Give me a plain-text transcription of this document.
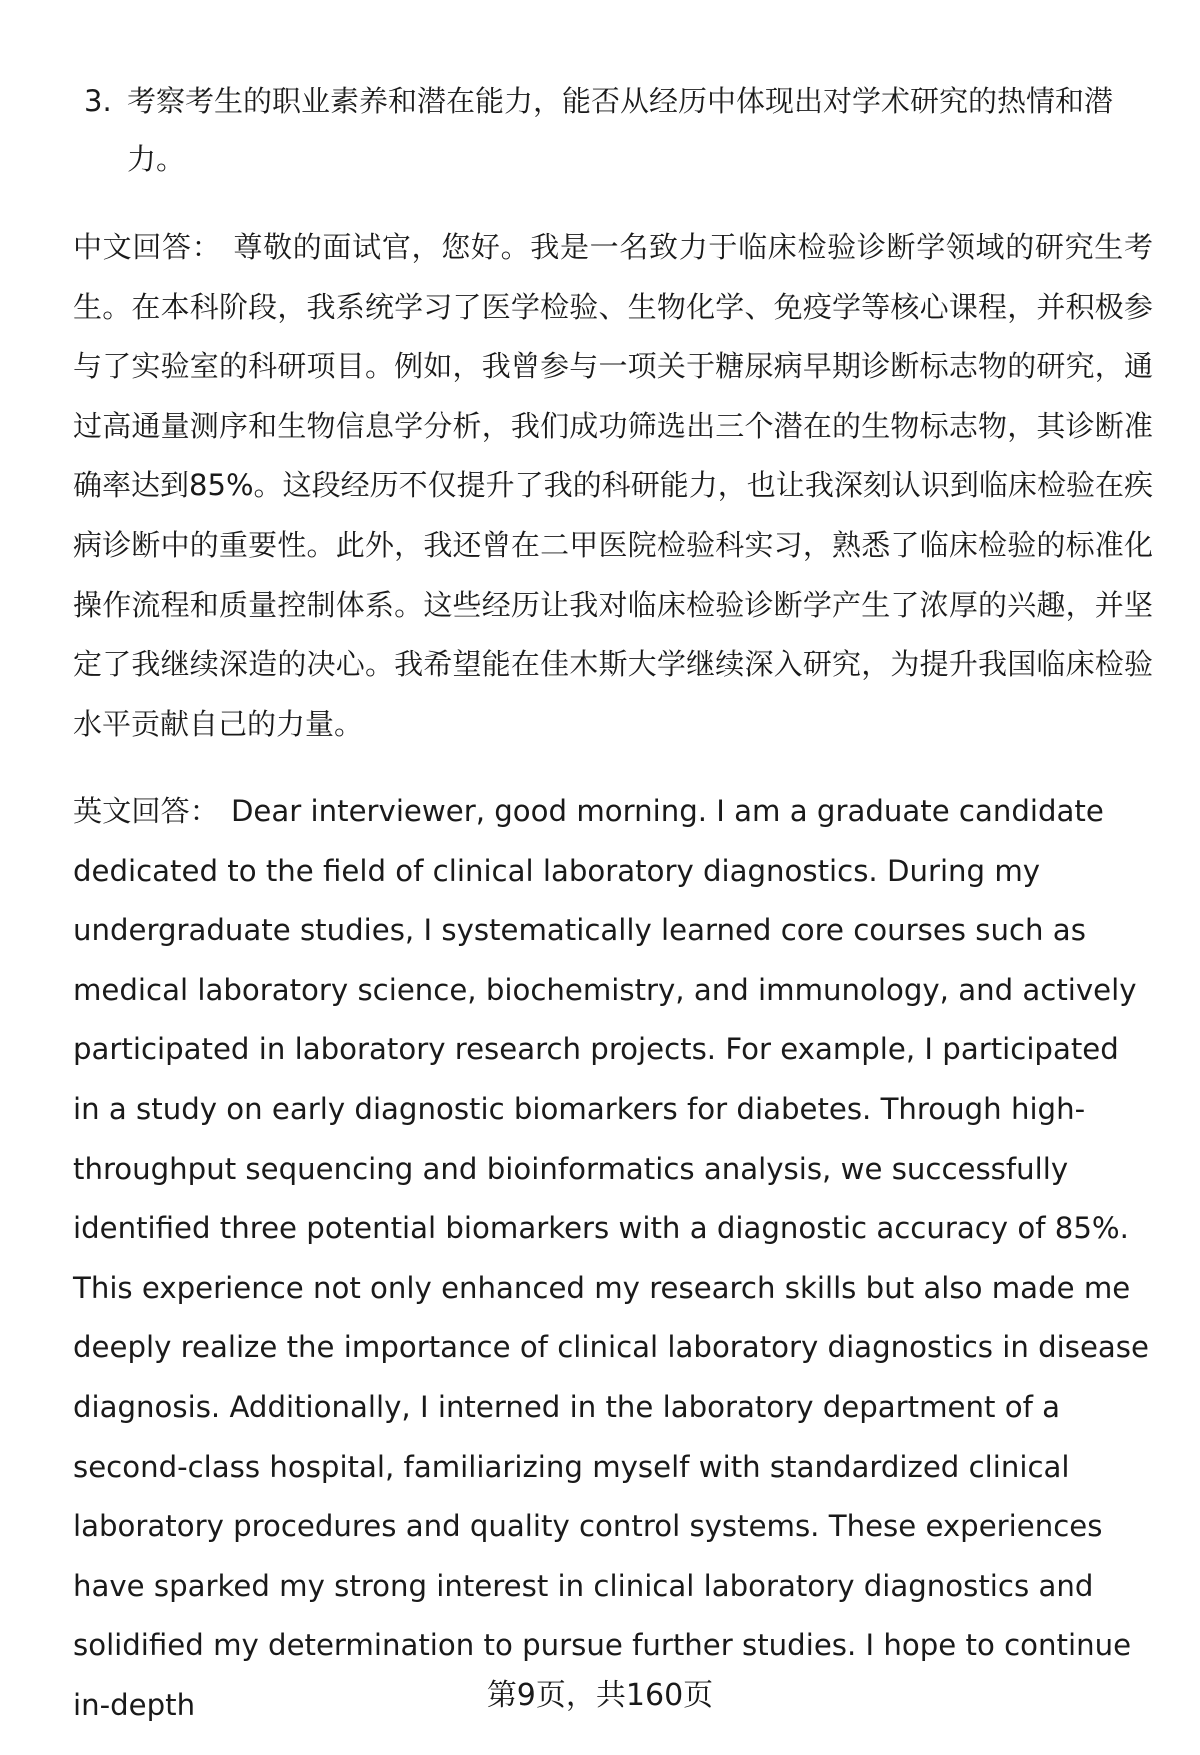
3. 考察考生的职业素养和潜在能力，能否从经历中体现出对学术研究的热情和潜力。
中文回答： 尊敬的面试官，您好。我是一名致力于临床检验诊断学领域的研究生考生。在本科阶段，我系统学习了医学检验、生物化学、免疫学等核心课程，并积极参与了实验室的科研项目。例如，我曾参与一项关于糖尿病早期诊断标志物的研究，通过高通量测序和生物信息学分析，我们成功筛选出三个潜在的生物标志物，其诊断准确率达到85%。这段经历不仅提升了我的科研能力，也让我深刻认识到临床检验在疾病诊断中的重要性。此外，我还曾在二甲医院检验科实习，熟悉了临床检验的标准化操作流程和质量控制体系。这些经历让我对临床检验诊断学产生了浓厚的兴趣，并坚定了我继续深造的决心。我希望能在佳木斯大学继续深入研究，为提升我国临床检验水平贡献自己的力量。
英文回答： Dear interviewer, good morning. I am a graduate candidate dedicated to the field of clinical laboratory diagnostics. During my undergraduate studies, I systematically learned core courses such as medical laboratory science, biochemistry, and immunology, and actively participated in laboratory research projects. For example, I participated in a study on early diagnostic biomarkers for diabetes. Through high-throughput sequencing and bioinformatics analysis, we successfully identified three potential biomarkers with a diagnostic accuracy of 85%. This experience not only enhanced my research skills but also made me deeply realize the importance of clinical laboratory diagnostics in disease diagnosis. Additionally, I interned in the laboratory department of a second-class hospital, familiarizing myself with standardized clinical laboratory procedures and quality control systems. These experiences have sparked my strong interest in clinical laboratory diagnostics and solidified my determination to pursue further studies. I hope to continue in-depth	第9页，共160页
